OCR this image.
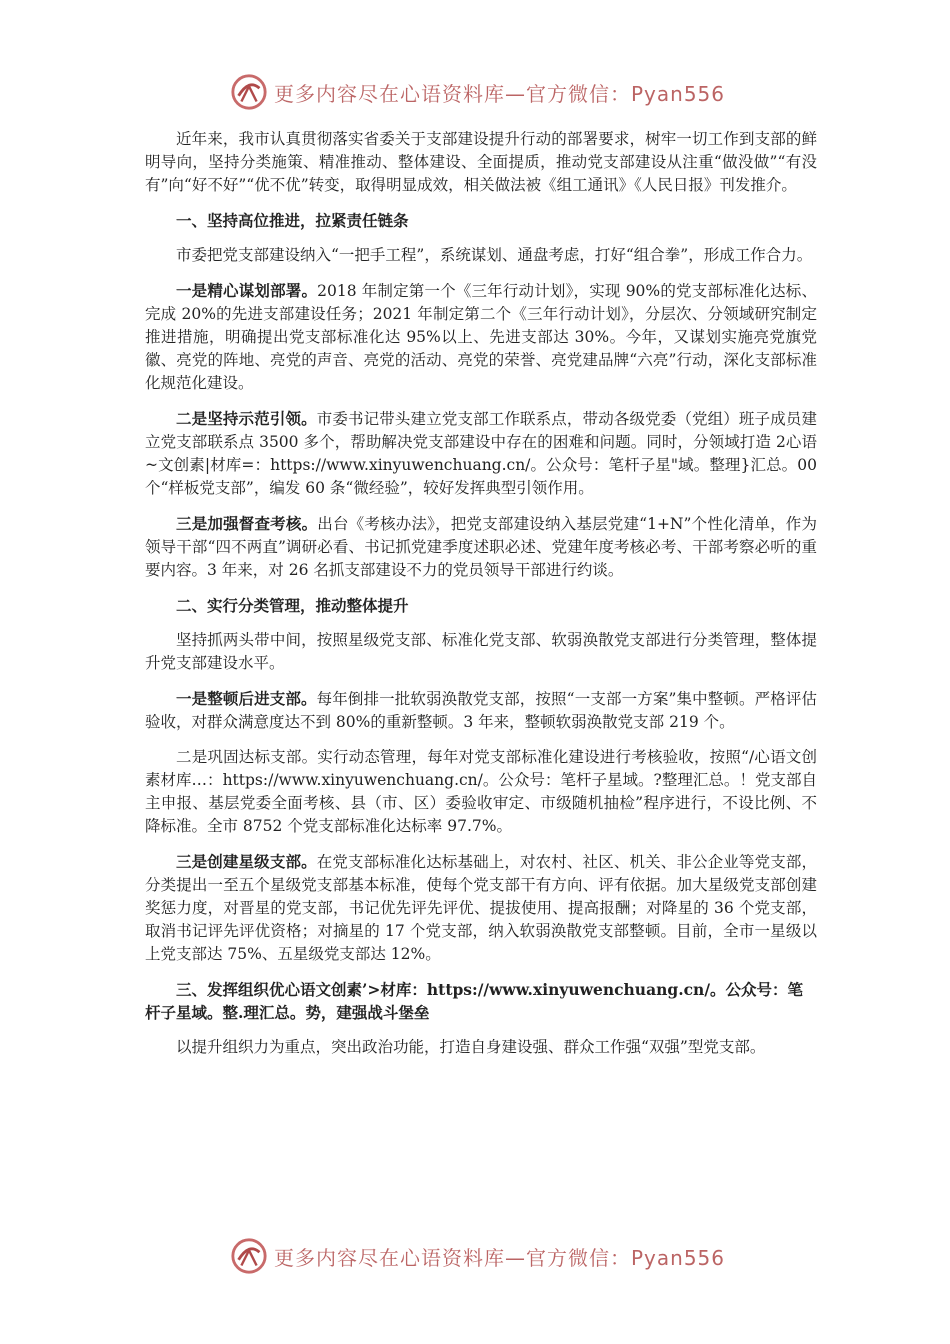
更多内容尽在心语资料库—官方微信：Pyan556

近年来，我市认真贯彻落实省委关于支部建设提升行动的部署要求，树牢一切工作到支部的鲜明导向，坚持分类施策、精准推动、整体建设、全面提质，推动党支部建设从注重“做没做”“有没有”向“好不好”“优不优”转变，取得明显成效，相关做法被《组工通讯》《人民日报》刊发推介。

一、坚持高位推进，拉紧责任链条

市委把党支部建设纳入“一把手工程”，系统谋划、通盘考虑，打好“组合拳”，形成工作合力。

一是精心谋划部署。2018 年制定第一个《三年行动计划》，实现 90%的党支部标准化达标、完成 20%的先进支部建设任务；2021 年制定第二个《三年行动计划》，分层次、分领域研究制定推进措施，明确提出党支部标准化达 95%以上、先进支部达 30%。今年，又谋划实施亮党旗党徽、亮党的阵地、亮党的声音、亮党的活动、亮党的荣誉、亮党建品牌“六亮”行动，深化支部标准化规范化建设。

二是坚持示范引领。市委书记带头建立党支部工作联系点，带动各级党委（党组）班子成员建立党支部联系点 3500 多个，帮助解决党支部建设中存在的困难和问题。同时，分领域打造 2心语~文创素|材库=：https://www.xinyuwenchuang.cn/。公众号：笔杆子星"域。整理}汇总。00 个“样板党支部”，编发 60 条“微经验”，较好发挥典型引领作用。

三是加强督查考核。出台《考核办法》，把党支部建设纳入基层党建“1+N”个性化清单，作为领导干部“四不两直”调研必看、书记抓党建季度述职必述、党建年度考核必考、干部考察必听的重要内容。3 年来，对 26 名抓支部建设不力的党员领导干部进行约谈。

二、实行分类管理，推动整体提升

坚持抓两头带中间，按照星级党支部、标准化党支部、软弱涣散党支部进行分类管理，整体提升党支部建设水平。

一是整顿后进支部。每年倒排一批软弱涣散党支部，按照“一支部一方案”集中整顿。严格评估验收，对群众满意度达不到 80%的重新整顿。3 年来，整顿软弱涣散党支部 219 个。

二是巩固达标支部。实行动态管理，每年对党支部标准化建设进行考核验收，按照“/心语文创素材库…：https://www.xinyuwenchuang.cn/。公众号：笔杆子星域。?整理汇总。！党支部自主申报、基层党委全面考核、县（市、区）委验收审定、市级随机抽检”程序进行，不设比例、不降标准。全市 8752 个党支部标准化达标率 97.7%。

三是创建星级支部。在党支部标准化达标基础上，对农村、社区、机关、非公企业等党支部，分类提出一至五个星级党支部基本标准，使每个党支部干有方向、评有依据。加大星级党支部创建奖惩力度，对晋星的党支部，书记优先评先评优、提拔使用、提高报酬；对降星的 36 个党支部，取消书记评先评优资格；对摘星的 17 个党支部，纳入软弱涣散党支部整顿。目前，全市一星级以上党支部达 75%、五星级党支部达 12%。

三、发挥组织优心语文创素’>材库：https://www.xinyuwenchuang.cn/。公众号：笔杆子星域。整.理汇总。势，建强战斗堡垒

以提升组织力为重点，突出政治功能，打造自身建设强、群众工作强“双强”型党支部。

更多内容尽在心语资料库—官方微信：Pyan556
